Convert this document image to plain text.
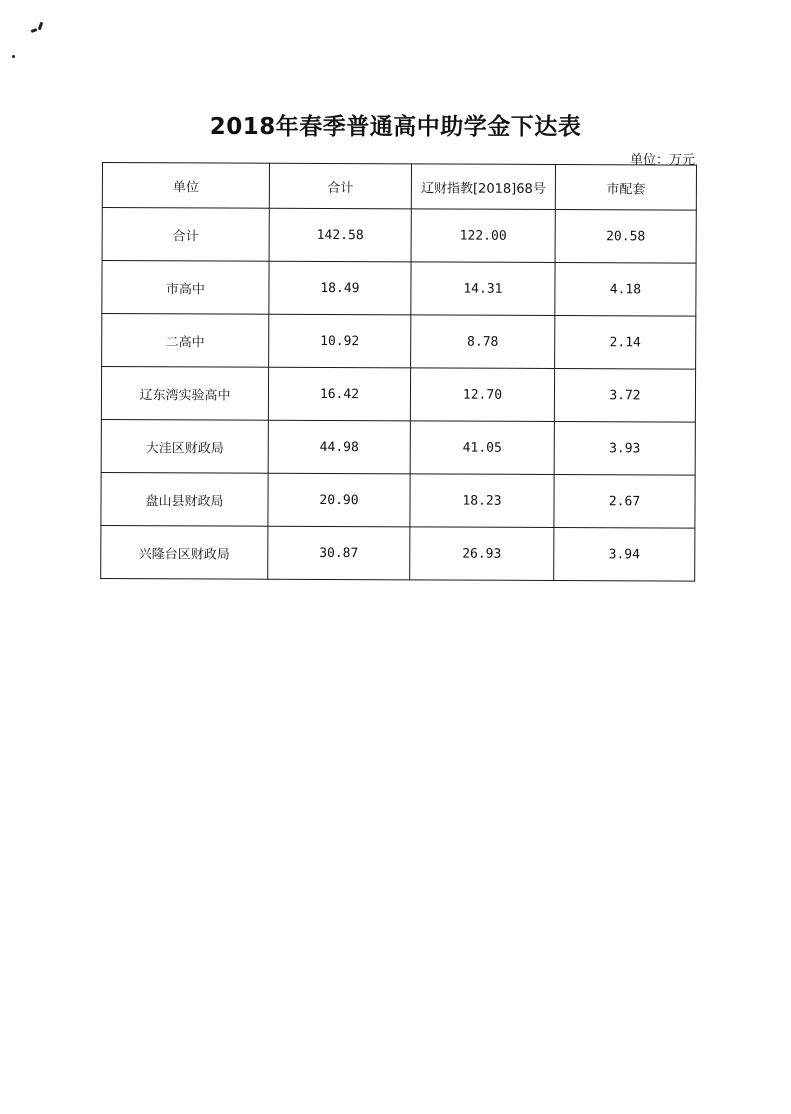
2018年春季普通高中助学金下达表
单位：万元
单位	合计	辽财指教[2018]68号	市配套
合计	142.58	122.00	20.58
市高中	18.49	14.31	4.18
二高中	10.92	8.78	2.14
辽东湾实验高中	16.42	12.70	3.72
大洼区财政局	44.98	41.05	3.93
盘山县财政局	20.90	18.23	2.67
兴隆台区财政局	30.87	26.93	3.94
